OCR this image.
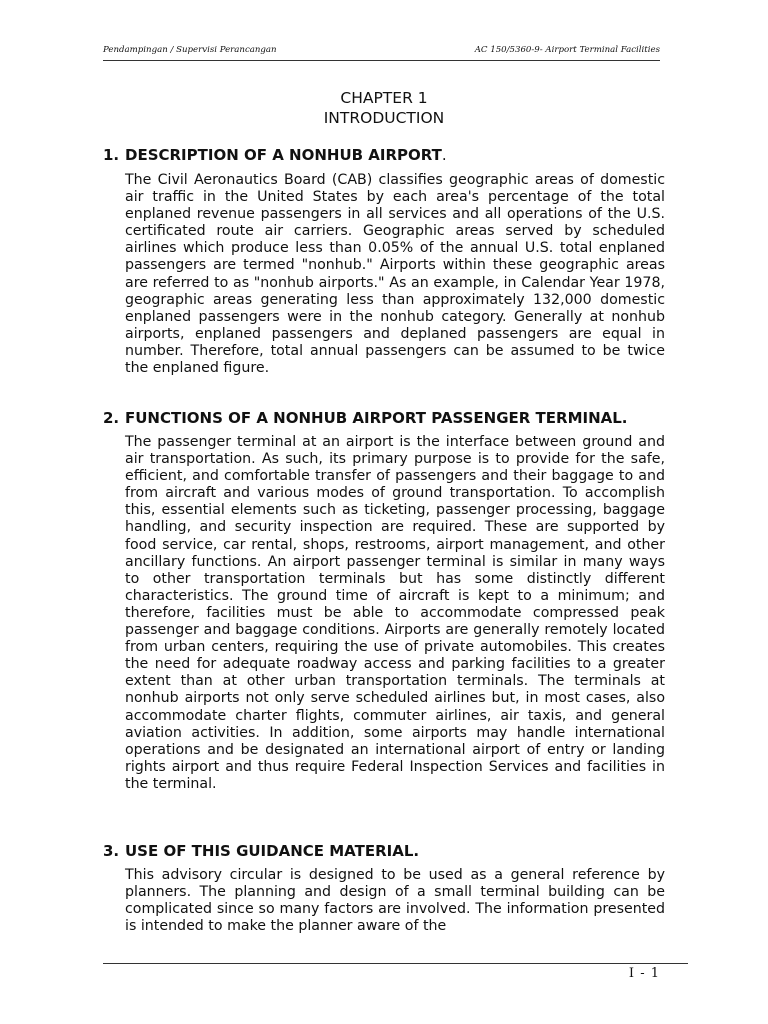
Pendampingan / Supervisi Perancangan	AC 150/5360-9- Airport Terminal Facilities
CHAPTER 1
INTRODUCTION
1. DESCRIPTION OF A NONHUB AIRPORT.

The Civil Aeronautics Board (CAB) classifies geographic areas of domestic air traffic in the United States by each area's percentage of the total enplaned revenue passengers in all services and all operations of the U.S. certificated route air carriers. Geographic areas served by scheduled airlines which produce less than 0.05% of the annual U.S. total enplaned passengers are termed "nonhub." Airports within these geographic areas are referred to as "nonhub airports." As an example, in Calendar Year 1978, geographic areas generating less than approximately 132,000 domestic enplaned passengers were in the nonhub category. Generally at nonhub airports, enplaned passengers and deplaned passengers are equal in number. Therefore, total annual passengers can be assumed to be twice the enplaned figure.

2. FUNCTIONS OF A NONHUB AIRPORT PASSENGER TERMINAL.

The passenger terminal at an airport is the interface between ground and air transportation. As such, its primary purpose is to provide for the safe, efficient, and comfortable transfer of passengers and their baggage to and from aircraft and various modes of ground transportation. To accomplish this, essential elements such as ticketing, passenger processing, baggage handling, and security inspection are required. These are supported by food service, car rental, shops, restrooms, airport management, and other ancillary functions. An airport passenger terminal is similar in many ways to other transportation terminals but has some distinctly different characteristics. The ground time of aircraft is kept to a minimum; and therefore, facilities must be able to accommodate compressed peak passenger and baggage conditions. Airports are generally remotely located from urban centers, requiring the use of private automobiles. This creates the need for adequate roadway access and parking facilities to a greater extent than at other urban transportation terminals. The terminals at nonhub airports not only serve scheduled airlines but, in most cases, also accommodate charter flights, commuter airlines, air taxis, and general aviation activities. In addition, some airports may handle international operations and be designated an international airport of entry or landing rights airport and thus require Federal Inspection Services and facilities in the terminal.

3. USE OF THIS GUIDANCE MATERIAL.

This advisory circular is designed to be used as a general reference by planners. The planning and design of a small terminal building can be complicated since so many factors are involved. The information presented is intended to make the planner aware of the

I - 1
